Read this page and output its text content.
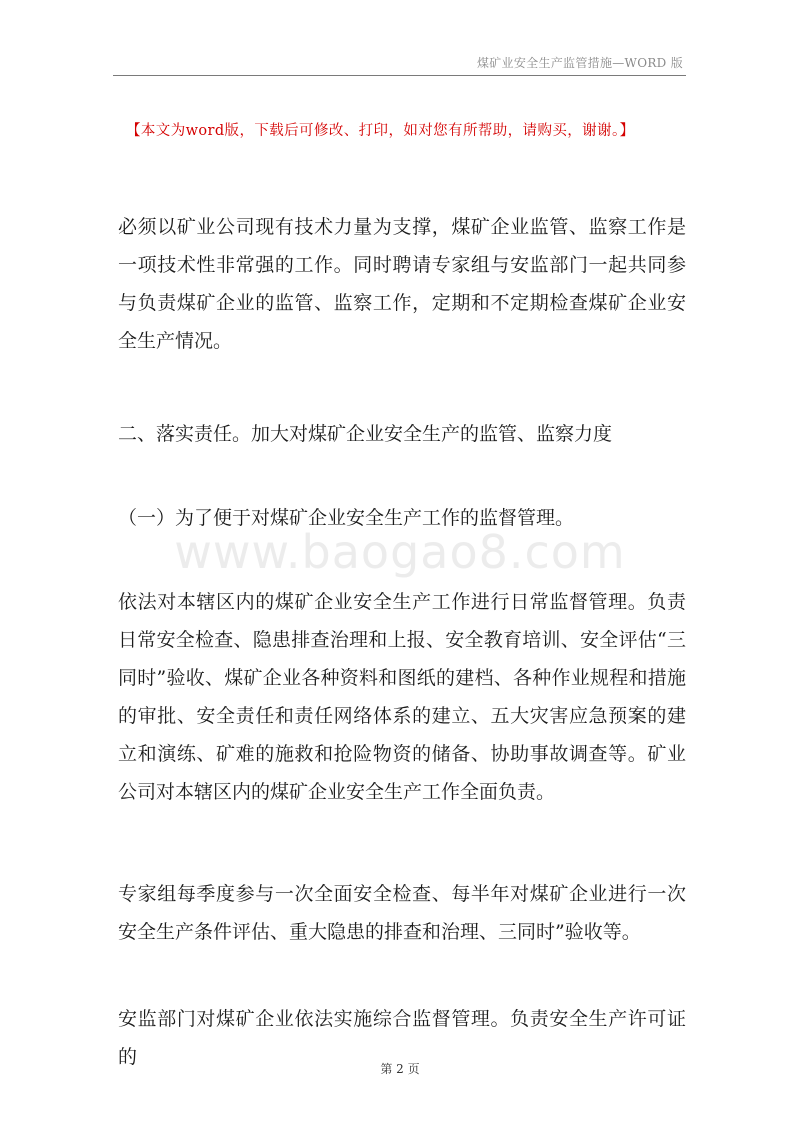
煤矿业安全生产监管措施—WORD 版
【本文为word版，下载后可修改、打印，如对您有所帮助，请购买，谢谢。】

必须以矿业公司现有技术力量为支撑，煤矿企业监管、监察工作是一项技术性非常强的工作。同时聘请专家组与安监部门一起共同参与负责煤矿企业的监管、监察工作，定期和不定期检查煤矿企业安全生产情况。

二、落实责任。加大对煤矿企业安全生产的监管、监察力度

（一）为了便于对煤矿企业安全生产工作的监督管理。

www.baogao8.com

依法对本辖区内的煤矿企业安全生产工作进行日常监督管理。负责日常安全检查、隐患排查治理和上报、安全教育培训、安全评估“三同时”验收、煤矿企业各种资料和图纸的建档、各种作业规程和措施的审批、安全责任和责任网络体系的建立、五大灾害应急预案的建立和演练、矿难的施救和抢险物资的储备、协助事故调查等。矿业公司对本辖区内的煤矿企业安全生产工作全面负责。

专家组每季度参与一次全面安全检查、每半年对煤矿企业进行一次安全生产条件评估、重大隐患的排查和治理、三同时”验收等。

安监部门对煤矿企业依法实施综合监督管理。负责安全生产许可证的

第 2 页
